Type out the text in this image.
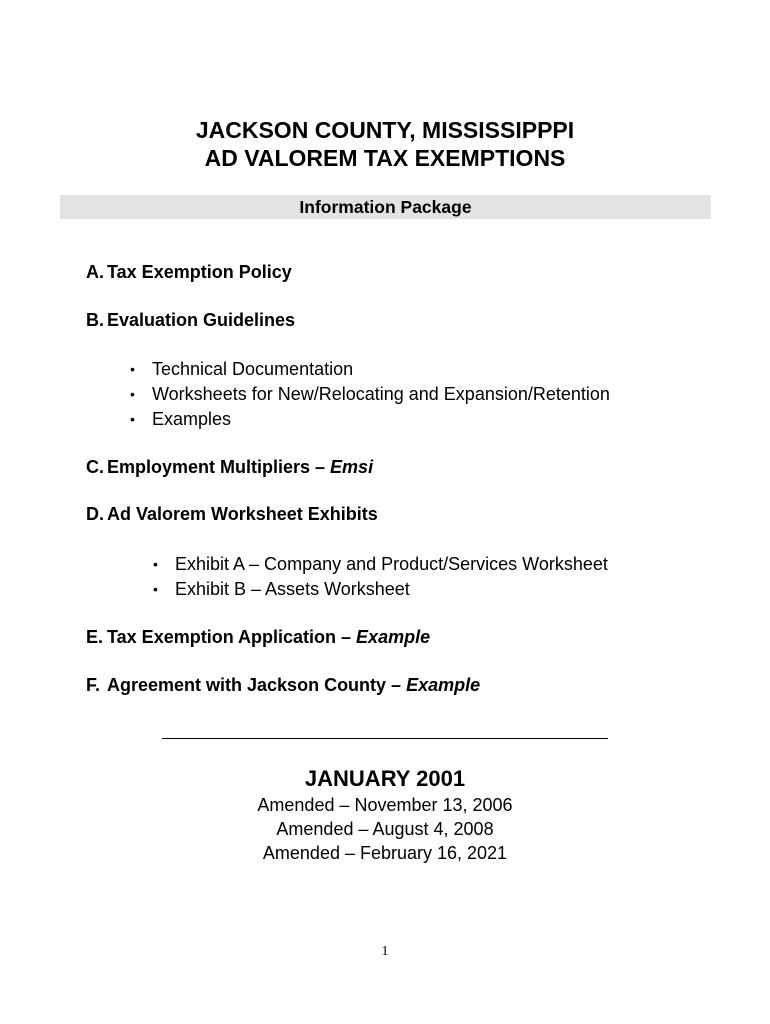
JACKSON COUNTY, MISSISSIPPPI
AD VALOREM TAX EXEMPTIONS
Information Package
A. Tax Exemption Policy
B. Evaluation Guidelines
• Technical Documentation
• Worksheets for New/Relocating and Expansion/Retention
• Examples
C. Employment Multipliers – Emsi
D. Ad Valorem Worksheet Exhibits
• Exhibit A – Company and Product/Services Worksheet
• Exhibit B – Assets Worksheet
E. Tax Exemption Application – Example
F. Agreement with Jackson County – Example
JANUARY 2001
Amended – November 13, 2006
Amended – August 4, 2008
Amended – February 16, 2021
1
